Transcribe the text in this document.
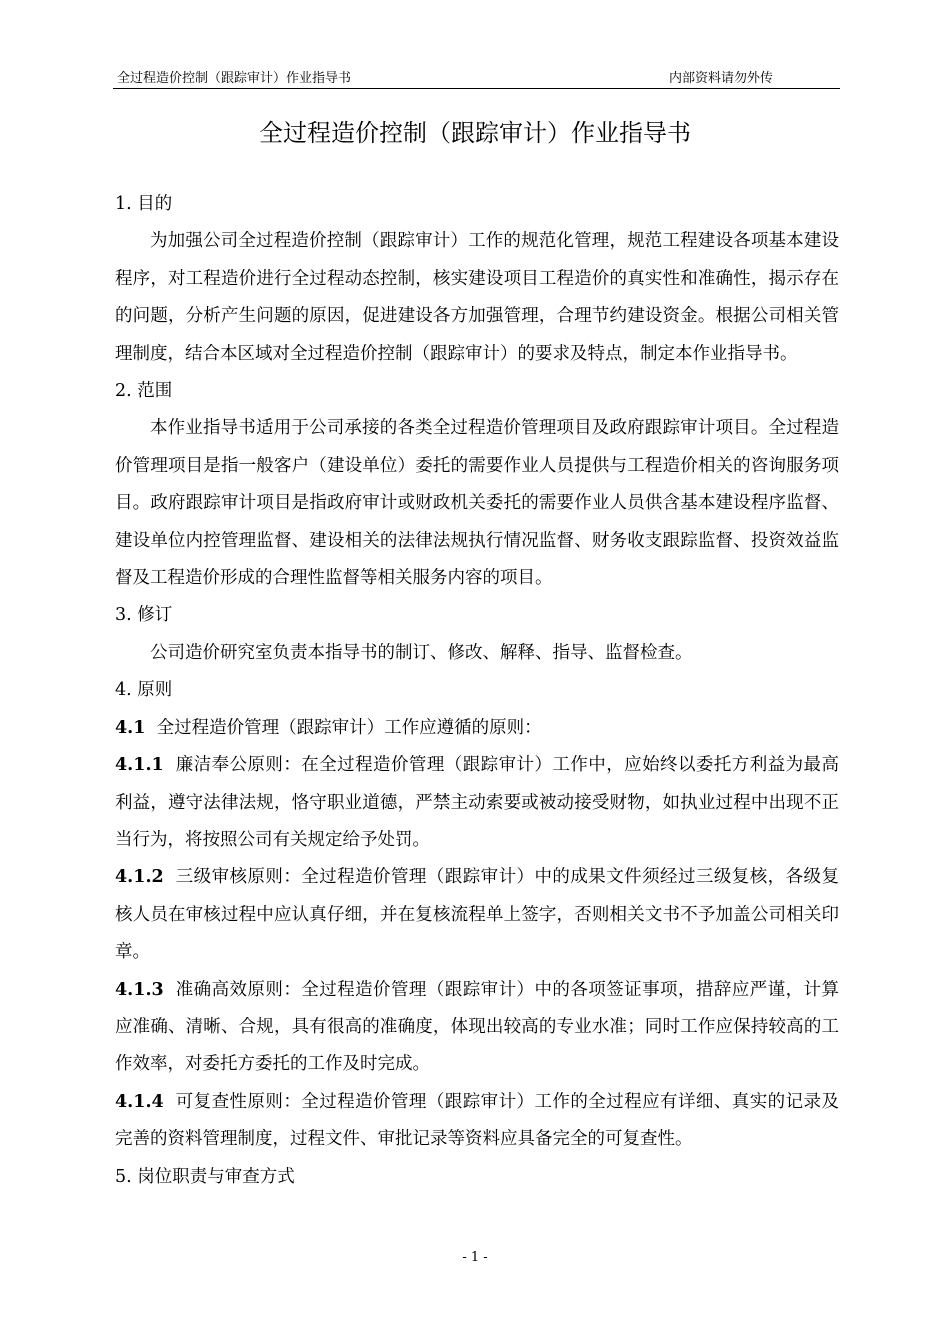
全过程造价控制（跟踪审计）作业指导书	内部资料请勿外传
全过程造价控制（跟踪审计）作业指导书

1. 目的

为加强公司全过程造价控制（跟踪审计）工作的规范化管理，规范工程建设各项基本建设程序，对工程造价进行全过程动态控制，核实建设项目工程造价的真实性和准确性，揭示存在的问题，分析产生问题的原因，促进建设各方加强管理，合理节约建设资金。根据公司相关管理制度，结合本区域对全过程造价控制（跟踪审计）的要求及特点，制定本作业指导书。

2. 范围

本作业指导书适用于公司承接的各类全过程造价管理项目及政府跟踪审计项目。全过程造价管理项目是指一般客户（建设单位）委托的需要作业人员提供与工程造价相关的咨询服务项目。政府跟踪审计项目是指政府审计或财政机关委托的需要作业人员供含基本建设程序监督、建设单位内控管理监督、建设相关的法律法规执行情况监督、财务收支跟踪监督、投资效益监督及工程造价形成的合理性监督等相关服务内容的项目。

3. 修订

公司造价研究室负责本指导书的制订、修改、解释、指导、监督检查。

4. 原则

4.1 全过程造价管理（跟踪审计）工作应遵循的原则：

4.1.1 廉洁奉公原则：在全过程造价管理（跟踪审计）工作中，应始终以委托方利益为最高利益，遵守法律法规，恪守职业道德，严禁主动索要或被动接受财物，如执业过程中出现不正当行为，将按照公司有关规定给予处罚。

4.1.2 三级审核原则：全过程造价管理（跟踪审计）中的成果文件须经过三级复核，各级复核人员在审核过程中应认真仔细，并在复核流程单上签字，否则相关文书不予加盖公司相关印章。

4.1.3 准确高效原则：全过程造价管理（跟踪审计）中的各项签证事项，措辞应严谨，计算应准确、清晰、合规，具有很高的准确度，体现出较高的专业水准；同时工作应保持较高的工作效率，对委托方委托的工作及时完成。

4.1.4 可复查性原则：全过程造价管理（跟踪审计）工作的全过程应有详细、真实的记录及完善的资料管理制度，过程文件、审批记录等资料应具备完全的可复查性。

5. 岗位职责与审查方式

- 1 -
